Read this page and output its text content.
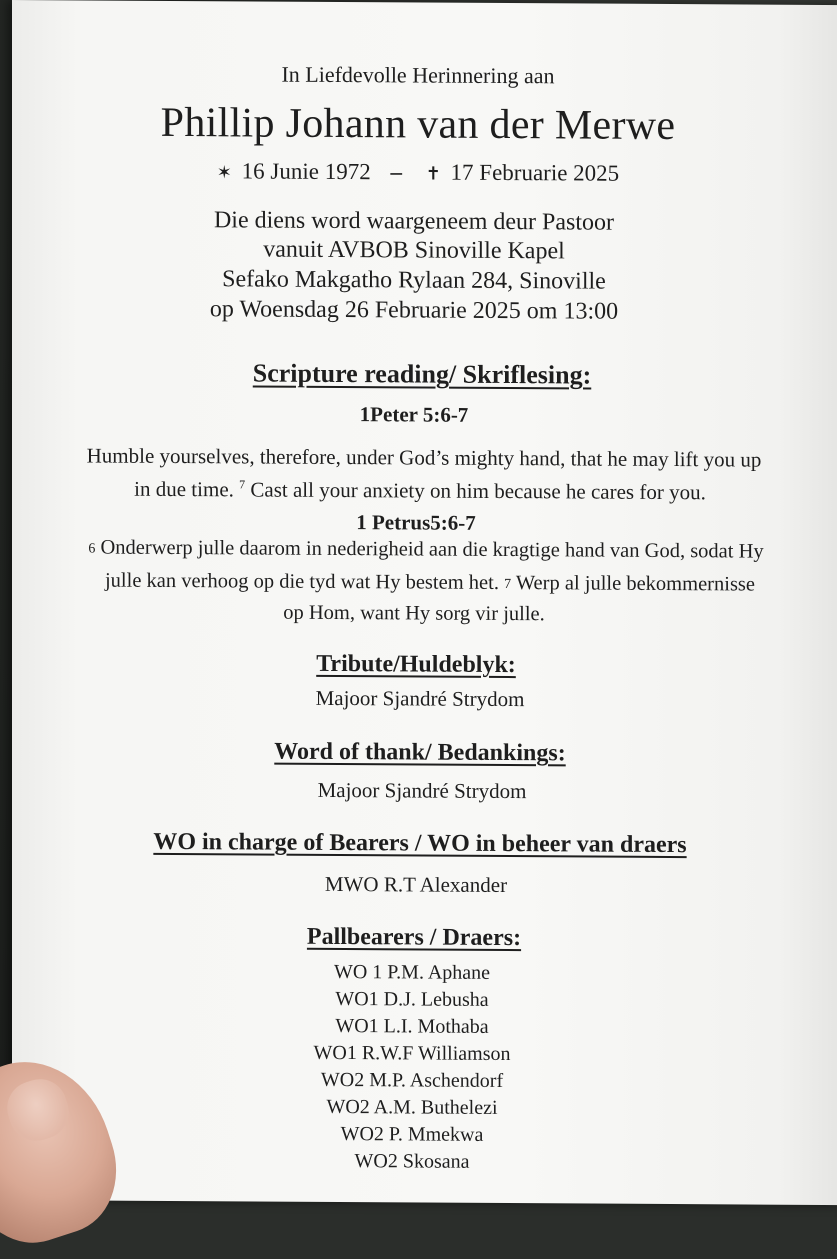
In Liefdevolle Herinnering aan
Phillip Johann van der Merwe
✶ 16 Junie 1972 – ✝ 17 Februarie 2025
Die diens word waargeneem deur Pastoor
vanuit AVBOB Sinoville Kapel
Sefako Makgatho Rylaan 284, Sinoville
op Woensdag 26 Februarie 2025 om 13:00
Scripture reading/ Skriflesing:
1Peter 5:6-7
Humble yourselves, therefore, under God’s mighty hand, that he may lift you up
in due time. $^7$ Cast all your anxiety on him because he cares for you.
1 Petrus5:6-7
6 Onderwerp julle daarom in nederigheid aan die kragtige hand van God, sodat Hy
julle kan verhoog op die tyd wat Hy bestem het. 7 Werp al julle bekommernisse
op Hom, want Hy sorg vir julle.
Tribute/Huldeblyk:
Majoor Sjandré Strydom
Word of thank/ Bedankings:
Majoor Sjandré Strydom
WO in charge of Bearers / WO in beheer van draers
MWO R.T Alexander
Pallbearers / Draers:
WO 1 P.M. Aphane
WO1 D.J. Lebusha
WO1 L.I. Mothaba
WO1 R.W.F Williamson
WO2 M.P. Aschendorf
WO2 A.M. Buthelezi
WO2 P. Mmekwa
WO2 Skosana
